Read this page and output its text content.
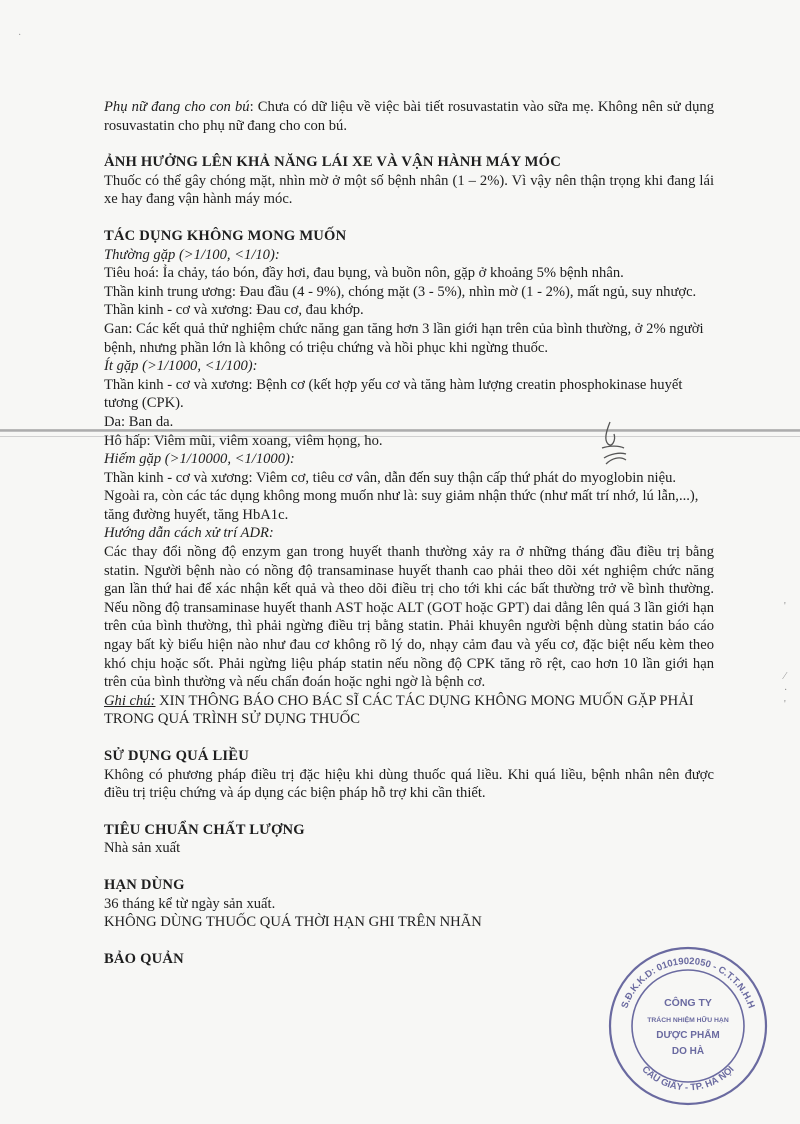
·
'

⁄
·
'

Phụ nữ đang cho con bú: Chưa có dữ liệu về việc bài tiết rosuvastatin vào sữa mẹ. Không nên sử dụng rosuvastatin cho phụ nữ đang cho con bú.

ẢNH HƯỞNG LÊN KHẢ NĂNG LÁI XE VÀ VẬN HÀNH MÁY MÓC

Thuốc có thể gây chóng mặt, nhìn mờ ở một số bệnh nhân (1 – 2%). Vì vậy nên thận trọng khi đang lái xe hay đang vận hành máy móc.

TÁC DỤNG KHÔNG MONG MUỐN

Thường gặp (>1/100, <1/10):

Tiêu hoá: Ỉa chảy, táo bón, đầy hơi, đau bụng, và buồn nôn, gặp ở khoảng 5% bệnh nhân.

Thần kinh trung ương: Đau đầu (4 - 9%), chóng mặt (3 - 5%), nhìn mờ (1 - 2%), mất ngủ, suy nhược.

Thần kinh - cơ và xương: Đau cơ, đau khớp.

Gan: Các kết quả thử nghiệm chức năng gan tăng hơn 3 lần giới hạn trên của bình thường, ở 2% người bệnh, nhưng phần lớn là không có triệu chứng và hồi phục khi ngừng thuốc.

Ít gặp (>1/1000, <1/100):

Thần kinh - cơ và xương: Bệnh cơ (kết hợp yếu cơ và tăng hàm lượng creatin phosphokinase huyết tương (CPK).

Da: Ban da.

Hô hấp: Viêm mũi, viêm xoang, viêm họng, ho.

Hiếm gặp (>1/10000, <1/1000):

Thần kinh - cơ và xương: Viêm cơ, tiêu cơ vân, dẫn đến suy thận cấp thứ phát do myoglobin niệu.

Ngoài ra, còn các tác dụng không mong muốn như là: suy giảm nhận thức (như mất trí nhớ, lú lẫn,...), tăng đường huyết, tăng HbA1c.

Hướng dẫn cách xử trí ADR:

Các thay đổi nồng độ enzym gan trong huyết thanh thường xảy ra ở những tháng đầu điều trị bằng statin. Người bệnh nào có nồng độ transaminase huyết thanh cao phải theo dõi xét nghiệm chức năng gan lần thứ hai để xác nhận kết quả và theo dõi điều trị cho tới khi các bất thường trở về bình thường. Nếu nồng độ transaminase huyết thanh AST hoặc ALT (GOT hoặc GPT) dai dẳng lên quá 3 lần giới hạn trên của bình thường, thì phải ngừng điều trị bằng statin. Phải khuyên người bệnh dùng statin báo cáo ngay bất kỳ biểu hiện nào như đau cơ không rõ lý do, nhạy cảm đau và yếu cơ, đặc biệt nếu kèm theo khó chịu hoặc sốt. Phải ngừng liệu pháp statin nếu nồng độ CPK tăng rõ rệt, cao hơn 10 lần giới hạn trên của bình thường và nếu chẩn đoán hoặc nghi ngờ là bệnh cơ.

Ghi chú: XIN THÔNG BÁO CHO BÁC SĨ CÁC TÁC DỤNG KHÔNG MONG MUỐN GẶP PHẢI TRONG QUÁ TRÌNH SỬ DỤNG THUỐC

SỬ DỤNG QUÁ LIỀU

Không có phương pháp điều trị đặc hiệu khi dùng thuốc quá liều. Khi quá liều, bệnh nhân nên được điều trị triệu chứng và áp dụng các biện pháp hỗ trợ khi cần thiết.

TIÊU CHUẨN CHẤT LƯỢNG

Nhà sản xuất

HẠN DÙNG

36 tháng kể từ ngày sản xuất.

KHÔNG DÙNG THUỐC QUÁ THỜI HẠN GHI TRÊN NHÃN

BẢO QUẢN
S.Đ.K.K.D: 0101902050 - C.T.T.N.H.H
CẦU GIẤY - TP. HÀ NỘI
CÔNG TY
TRÁCH NHIỆM HỮU HẠN
DƯỢC PHẨM
DO HÀ
